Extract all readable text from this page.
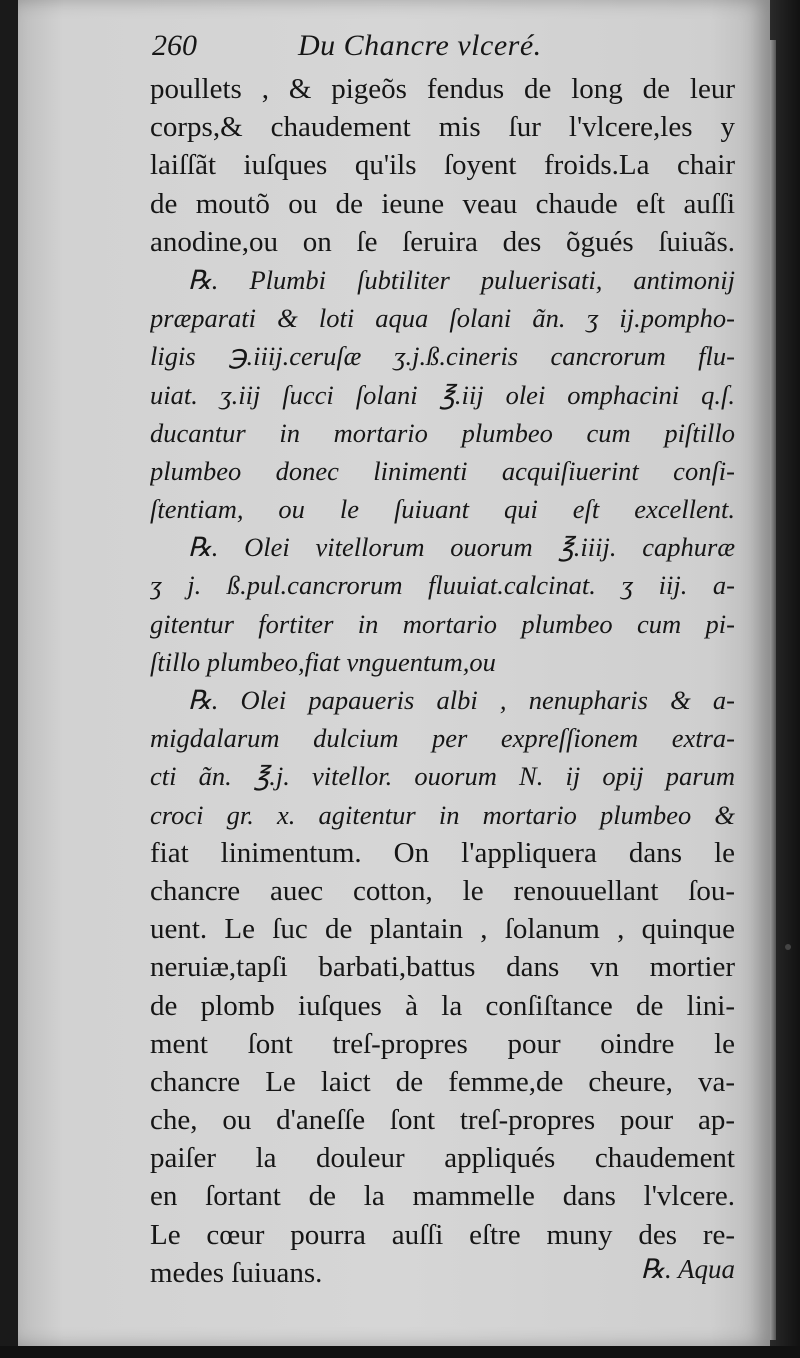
260	Du Chancre vlceré.
poullets , & pigeõs fendus de long de leur
corps,& chaudement mis ſur l'vlcere,les y
laiſſãt iuſques qu'ils ſoyent froids.La chair
de moutõ ou de ieune veau chaude eſt auſſi
anodine,ou on ſe ſeruira des õgués ſuiuãs.
℞. Plumbi ſubtiliter puluerisati, antimonij
præparati & loti aqua ſolani ãn. ʒ ij.pompho-
ligis ℈.iiij.ceruſæ ʒ.j.ß.cineris cancrorum flu-
uiat. ʒ.iij ſucci ſolani ℥.iij olei omphacini q.ſ.
ducantur in mortario plumbeo cum piſtillo
plumbeo donec linimenti acquiſiuerint conſi-
ſtentiam, ou le ſuiuant qui eſt excellent.
℞. Olei vitellorum ouorum ℥.iiij. caphuræ
ʒ j. ß.pul.cancrorum fluuiat.calcinat. ʒ iij. a-
gitentur fortiter in mortario plumbeo cum pi-
ſtillo plumbeo,fiat vnguentum,ou
℞. Olei papaueris albi , nenupharis & a-
migdalarum dulcium per expreſſionem extra-
cti ãn. ℥.j. vitellor. ouorum N. ij opij parum
croci gr. x. agitentur in mortario plumbeo &
fiat linimentum. On l'appliquera dans le
chancre auec cotton, le renouuellant ſou-
uent. Le ſuc de plantain , ſolanum , quinque
neruiæ,tapſi barbati,battus dans vn mortier
de plomb iuſques à la conſiſtance de lini-
ment ſont treſ-propres pour oindre le
chancre Le laict de femme,de cheure, va-
che, ou d'aneſſe ſont treſ-propres pour ap-
paiſer la douleur appliqués chaudement
en ſortant de la mammelle dans l'vlcere.
Le cœur pourra auſſi eſtre muny des re-
medes ſuiuans.	℞. Aqua
